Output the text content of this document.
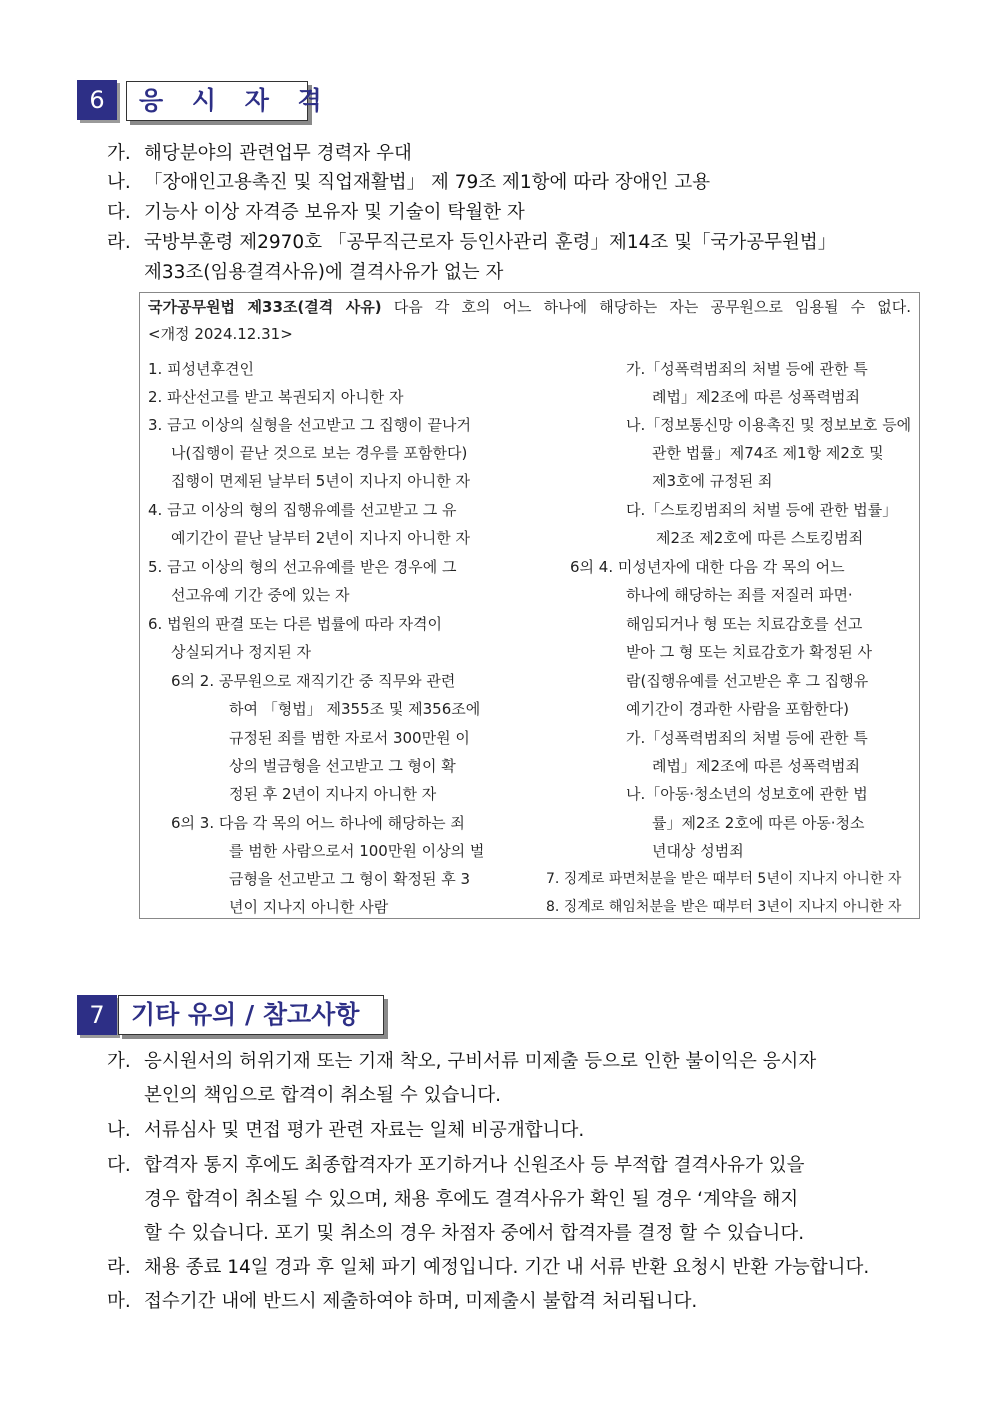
6	응 시 자 격
가. 해당분야의 관련업무 경력자 우대
나. 「장애인고용촉진 및 직업재활법」 제 79조 제1항에 따라 장애인 고용
다. 기능사 이상 자격증 보유자 및 기술이 탁월한 자
라. 국방부훈령 제2970호 「공무직근로자 등인사관리 훈령」제14조 및「국가공무원법」
제33조(임용결격사유)에 결격사유가 없는 자
국가공무원법 제33조(결격 사유) 다음 각 호의 어느 하나에 해당하는 자는 공무원으로 임용될 수 없다.
<개정 2024.12.31>
1. 피성년후견인
2. 파산선고를 받고 복권되지 아니한 자
3. 금고 이상의 실형을 선고받고 그 집행이 끝나거
나(집행이 끝난 것으로 보는 경우를 포함한다)
집행이 면제된 날부터 5년이 지나지 아니한 자
4. 금고 이상의 형의 집행유예를 선고받고 그 유
예기간이 끝난 날부터 2년이 지나지 아니한 자
5. 금고 이상의 형의 선고유예를 받은 경우에 그
선고유예 기간 중에 있는 자
6. 법원의 판결 또는 다른 법률에 따라 자격이
상실되거나 정지된 자
6의 2. 공무원으로 재직기간 중 직무와 관련
하여 「형법」 제355조 및 제356조에
규정된 죄를 범한 자로서 300만원 이
상의 벌금형을 선고받고 그 형이 확
정된 후 2년이 지나지 아니한 자
6의 3. 다음 각 목의 어느 하나에 해당하는 죄
를 범한 사람으로서 100만원 이상의 벌
금형을 선고받고 그 형이 확정된 후 3
년이 지나지 아니한 사람
가.「성폭력범죄의 처벌 등에 관한 특
례법」제2조에 따른 성폭력범죄
나.「정보통신망 이용촉진 및 정보보호 등에
관한 법률」제74조 제1항 제2호 및
제3호에 규정된 죄
다.「스토킹범죄의 처벌 등에 관한 법률」
제2조 제2호에 따른 스토킹범죄
6의 4. 미성년자에 대한 다음 각 목의 어느
하나에 해당하는 죄를 저질러 파면·
해임되거나 형 또는 치료감호를 선고
받아 그 형 또는 치료감호가 확정된 사
람(집행유예를 선고받은 후 그 집행유
예기간이 경과한 사람을 포함한다)
가.「성폭력범죄의 처벌 등에 관한 특
례법」제2조에 따른 성폭력범죄
나.「아동·청소년의 성보호에 관한 법
률」제2조 2호에 따른 아동·청소
년대상 성범죄
7. 징계로 파면처분을 받은 때부터 5년이 지나지 아니한 자
8. 징계로 해임처분을 받은 때부터 3년이 지나지 아니한 자
7	기타 유의 / 참고사항
가. 응시원서의 허위기재 또는 기재 착오, 구비서류 미제출 등으로 인한 불이익은 응시자
본인의 책임으로 합격이 취소될 수 있습니다.
나. 서류심사 및 면접 평가 관련 자료는 일체 비공개합니다.
다. 합격자 통지 후에도 최종합격자가 포기하거나 신원조사 등 부적합 결격사유가 있을
경우 합격이 취소될 수 있으며, 채용 후에도 결격사유가 확인 될 경우 ‘계약을 해지
할 수 있습니다. 포기 및 취소의 경우 차점자 중에서 합격자를 결정 할 수 있습니다.
라. 채용 종료 14일 경과 후 일체 파기 예정입니다. 기간 내 서류 반환 요청시 반환 가능합니다.
마. 접수기간 내에 반드시 제출하여야 하며, 미제출시 불합격 처리됩니다.
